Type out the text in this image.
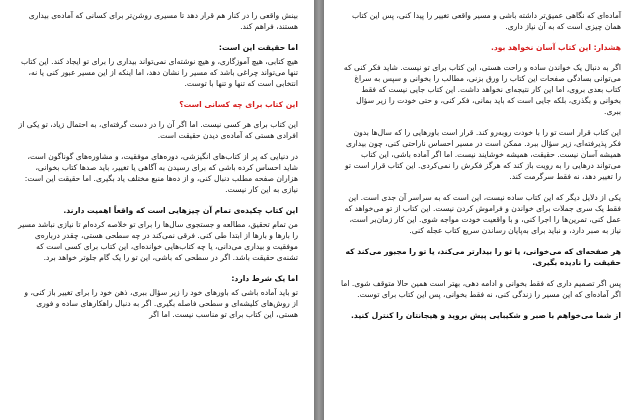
بینش واقعی را در کنار هم قرار دهد تا مسیری روشن‌تر برای کسانی که آماده‌ی بیداری هستند، فراهم کند.

اما حقیقت این است:

هیچ کتابی، هیچ آموزگاری، و هیچ نوشته‌ای نمی‌تواند بیداری را برای تو ایجاد کند. این کتاب تنها می‌تواند چراغی باشد که مسیر را نشان دهد، اما اینکه از این مسیر عبور کنی یا نه، انتخابی است که تنها و تنها با توست.

این کتاب برای چه کسانی است؟

این کتاب برای هر کسی نیست. اما اگر آن را در دست گرفته‌ای، به احتمال زیاد، تو یکی از افرادی هستی که آماده‌ی دیدن حقیقت است.

در دنیایی که پر از کتاب‌های انگیزشی، دوره‌های موفقیت، و مشاوره‌های گوناگون است، شاید احساس کرده باشی که برای رسیدن به آگاهی یا تغییر، باید صدها کتاب بخوانی، هزاران صفحه مطلب دنبال کنی، و از ده‌ها منبع مختلف یاد بگیری. اما حقیقت این است: نیازی به این کار نیست.

این کتاب چکیده‌ی تمام آن چیزهایی است که واقعاً اهمیت دارند.

من تمام تحقیق، مطالعه و جستجوی سال‌ها را برای تو خلاصه کرده‌ام تا نیازی نباشد مسیر را بارها و بارها از ابتدا طی کنی. فرقی نمی‌کند در چه سطحی هستی، چقدر درباره‌ی موفقیت و بیداری می‌دانی، یا چه کتاب‌هایی خوانده‌ای، این کتاب برای کسی است که تشنه‌ی حقیقت باشد. اگر در سطحی که باشی، این تو را یک گام جلوتر خواهد برد.

اما یک شرط دارد:

تو باید آماده باشی که باورهای خود را زیر سؤال ببری، ذهن خود را برای تغییر باز کنی، و از روش‌های کلیشه‌ای و سطحی فاصله بگیری. اگر به دنبال راهکارهای ساده و فوری هستی، این کتاب برای تو مناسب نیست. اما اگر

آماده‌ای که نگاهی عمیق‌تر داشته باشی و مسیر واقعی تغییر را پیدا کنی، پس این کتاب همان چیزی است که به آن نیاز داری.

هشدار: این کتاب آسان نخواهد بود.

اگر به دنبال یک خواندن ساده و راحت هستی، این کتاب برای تو نیست. شاید فکر کنی که می‌توانی بسادگی صفحات این کتاب را ورق بزنی، مطالب را بخوانی و سپس به سراغ کتاب بعدی بروی، اما این کار نتیجه‌ای نخواهد داشت. این کتاب جایی نیست که فقط بخوانی و بگذری، بلکه جایی است که باید بمانی، فکر کنی، و حتی خودت را زیر سؤال ببری.

این کتاب قرار است تو را با خودت روبه‌رو کند. قرار است باورهایی را که سال‌ها بدون فکر پذیرفته‌ای، زیر سؤال ببرد. ممکن است در مسیر احساس ناراحتی کنی، چون بیداری همیشه آسان نیست. حقیقت، همیشه خوشایند نیست. اما اگر آماده باشی، این کتاب می‌تواند درهایی را به رویت باز کند که هرگز فکرش را نمی‌کردی. این کتاب قرار است تو را تغییر دهد، نه فقط سرگرمت کند.

یکی از دلایل دیگر که این کتاب ساده نیست، این است که به سراسر آن جدی است. این فقط یک سری جملات برای خواندن و فراموش کردن نیست. این کتاب از تو می‌خواهد که عمل کنی، تمرین‌ها را اجرا کنی، و با واقعیت خودت مواجه شوی. این کار زمان‌بر است، نیاز به صبر دارد، و نباید برای به‌پایان رساندن سریع کتاب عجله کنی.

هر صفحه‌ای که می‌خوانی، یا تو را بیدارتر می‌کند، یا تو را مجبور می‌کند که حقیقت را نادیده بگیری.

پس اگر تصمیم داری که فقط بخوانی و ادامه دهی، بهتر است همین حالا متوقف شوی. اما اگر آماده‌ای که این مسیر را زندگی کنی، نه فقط بخوانی، پس این کتاب برای توست.

از شما می‌خواهم با صبر و شکیبایی پیش بروید و هیجانتان را کنترل کنید.
